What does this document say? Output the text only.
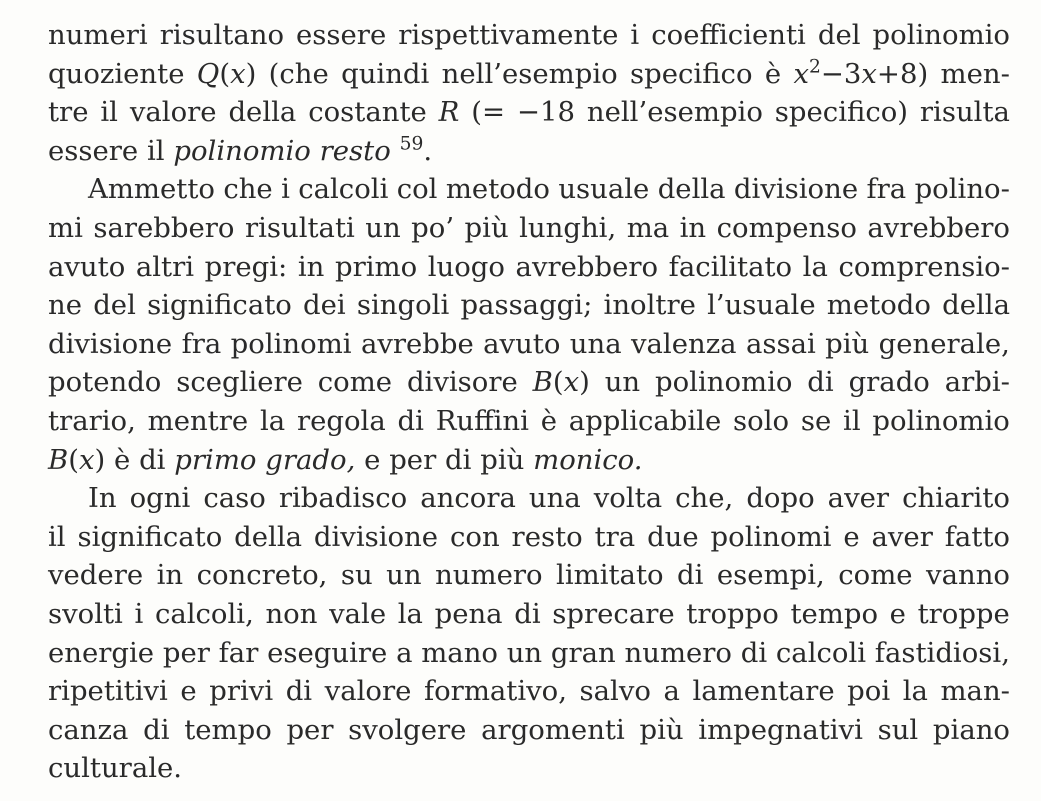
numeri risultano essere rispettivamente i coefficienti del polinomio
quoziente Q(x) (che quindi nell’esempio specifico è $x^2-3x+8$) men-
tre il valore della costante R (= −18 nell’esempio specifico) risulta
essere il polinomio resto $^{59}$.
Ammetto che i calcoli col metodo usuale della divisione fra polino-
mi sarebbero risultati un po’ più lunghi, ma in compenso avrebbero
avuto altri pregi: in primo luogo avrebbero facilitato la comprensio-
ne del significato dei singoli passaggi; inoltre l’usuale metodo della
divisione fra polinomi avrebbe avuto una valenza assai più generale,
potendo scegliere come divisore B(x) un polinomio di grado arbi-
trario, mentre la regola di Ruffini è applicabile solo se il polinomio
B(x) è di primo grado, e per di più monico.
In ogni caso ribadisco ancora una volta che, dopo aver chiarito
il significato della divisione con resto tra due polinomi e aver fatto
vedere in concreto, su un numero limitato di esempi, come vanno
svolti i calcoli, non vale la pena di sprecare troppo tempo e troppe
energie per far eseguire a mano un gran numero di calcoli fastidiosi,
ripetitivi e privi di valore formativo, salvo a lamentare poi la man-
canza di tempo per svolgere argomenti più impegnativi sul piano
culturale.
